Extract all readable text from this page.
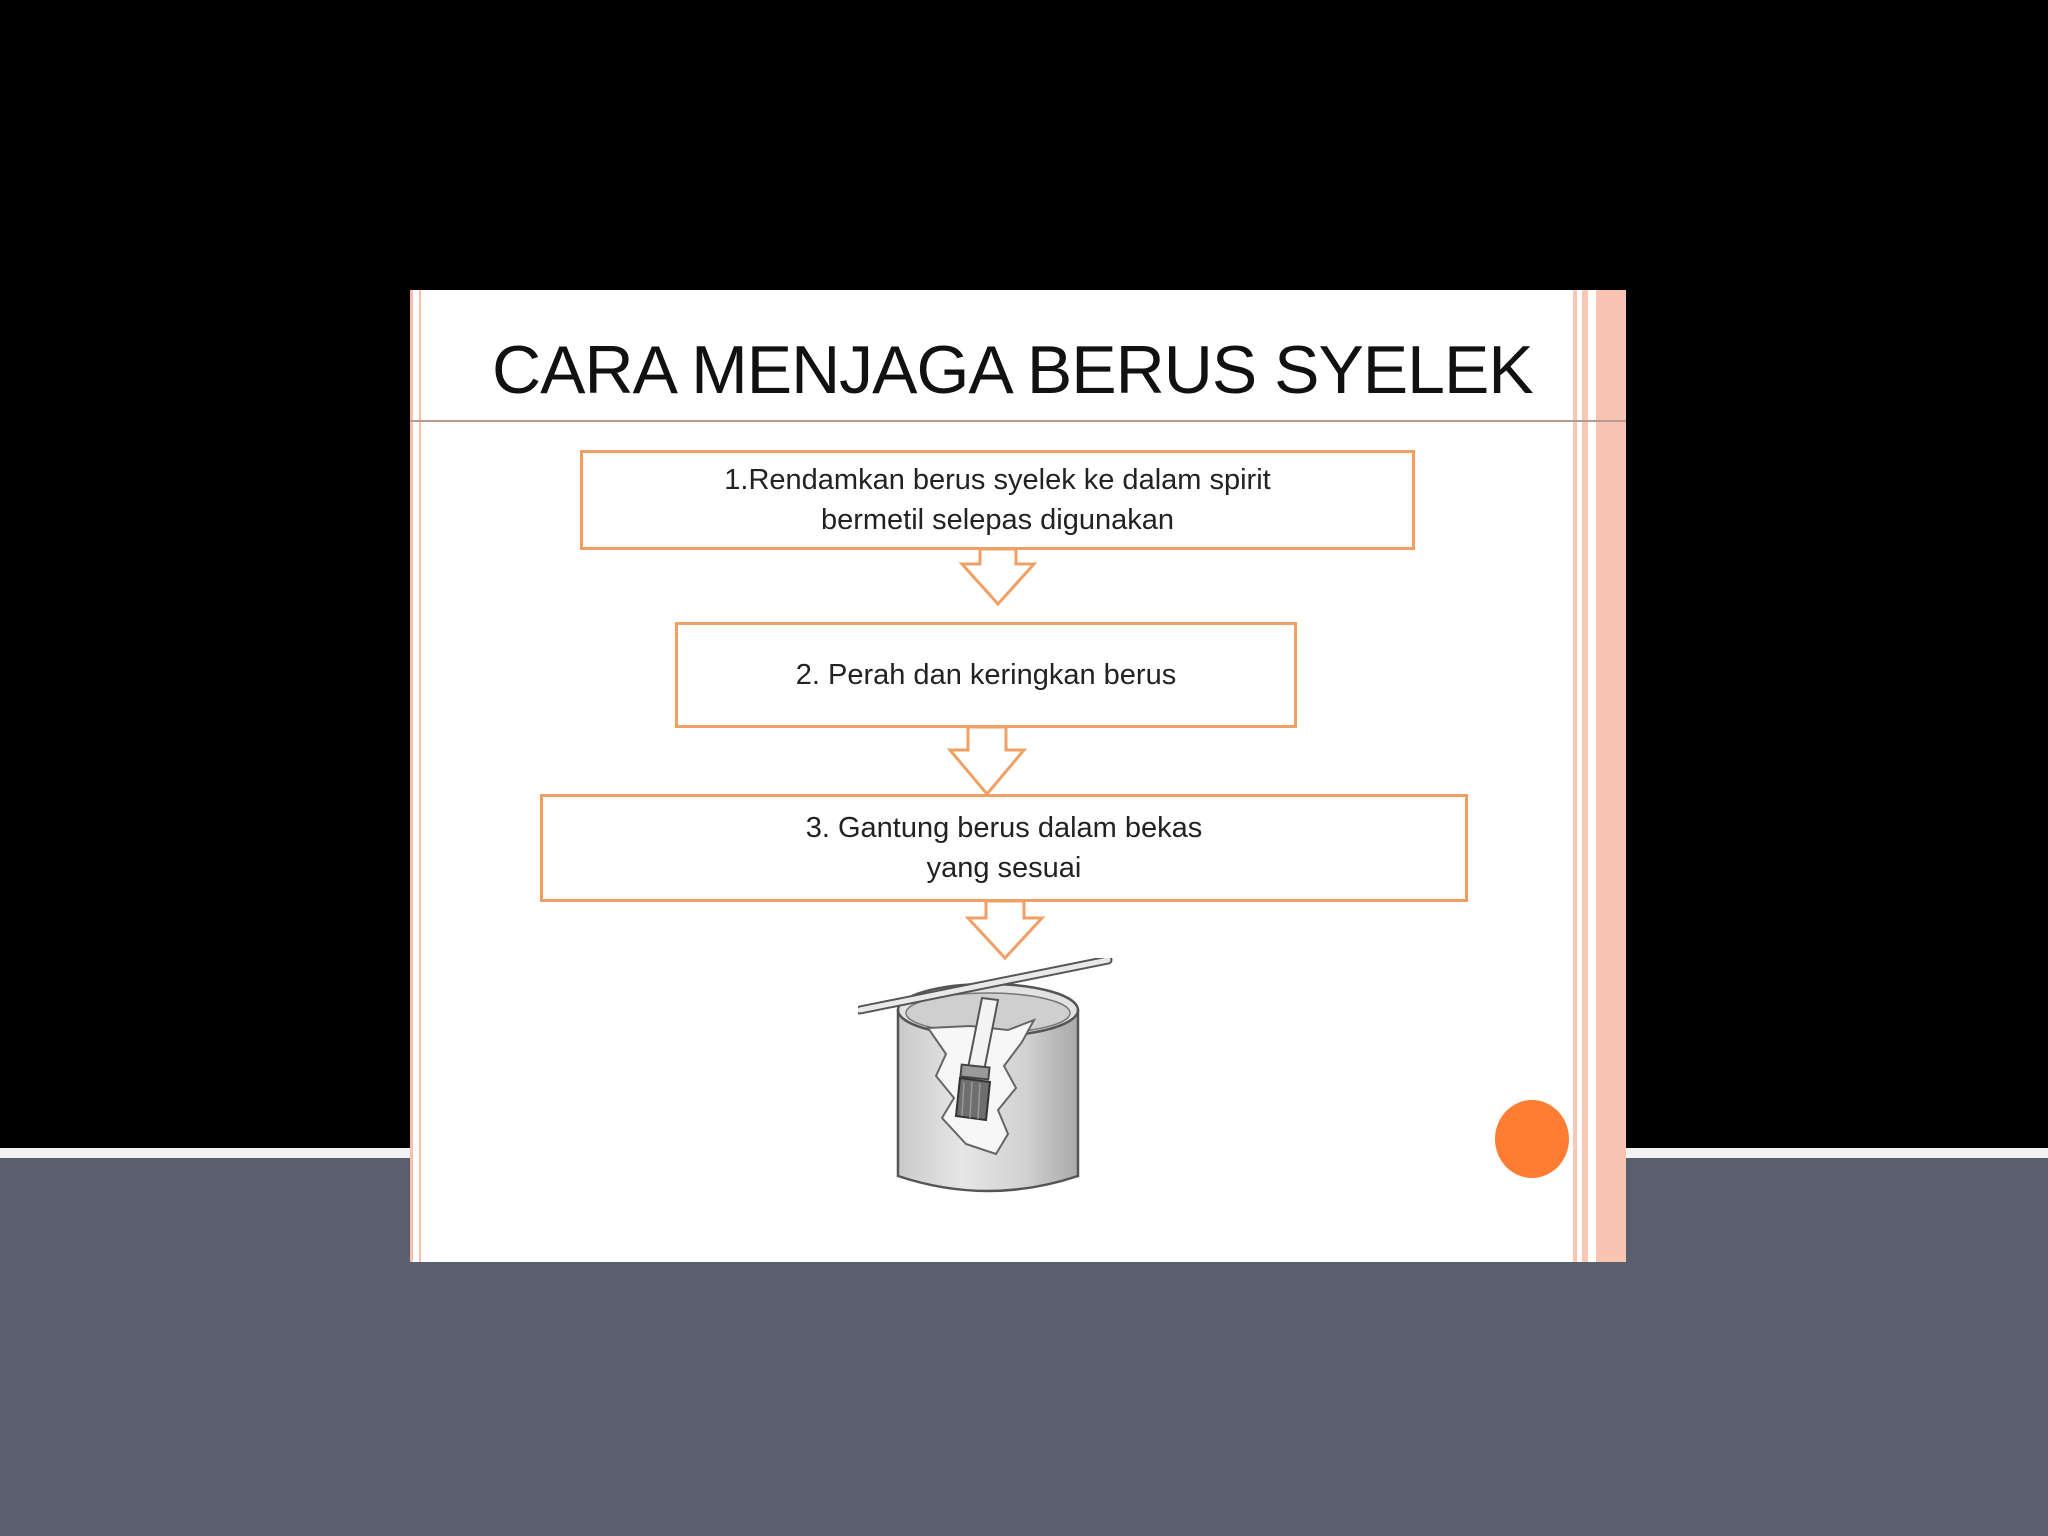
CARA MENJAGA BERUS SYELEK
1.Rendamkan berus syelek ke dalam spirit
bermetil selepas digunakan
2. Perah dan keringkan berus
3. Gantung berus dalam bekas
yang sesuai
